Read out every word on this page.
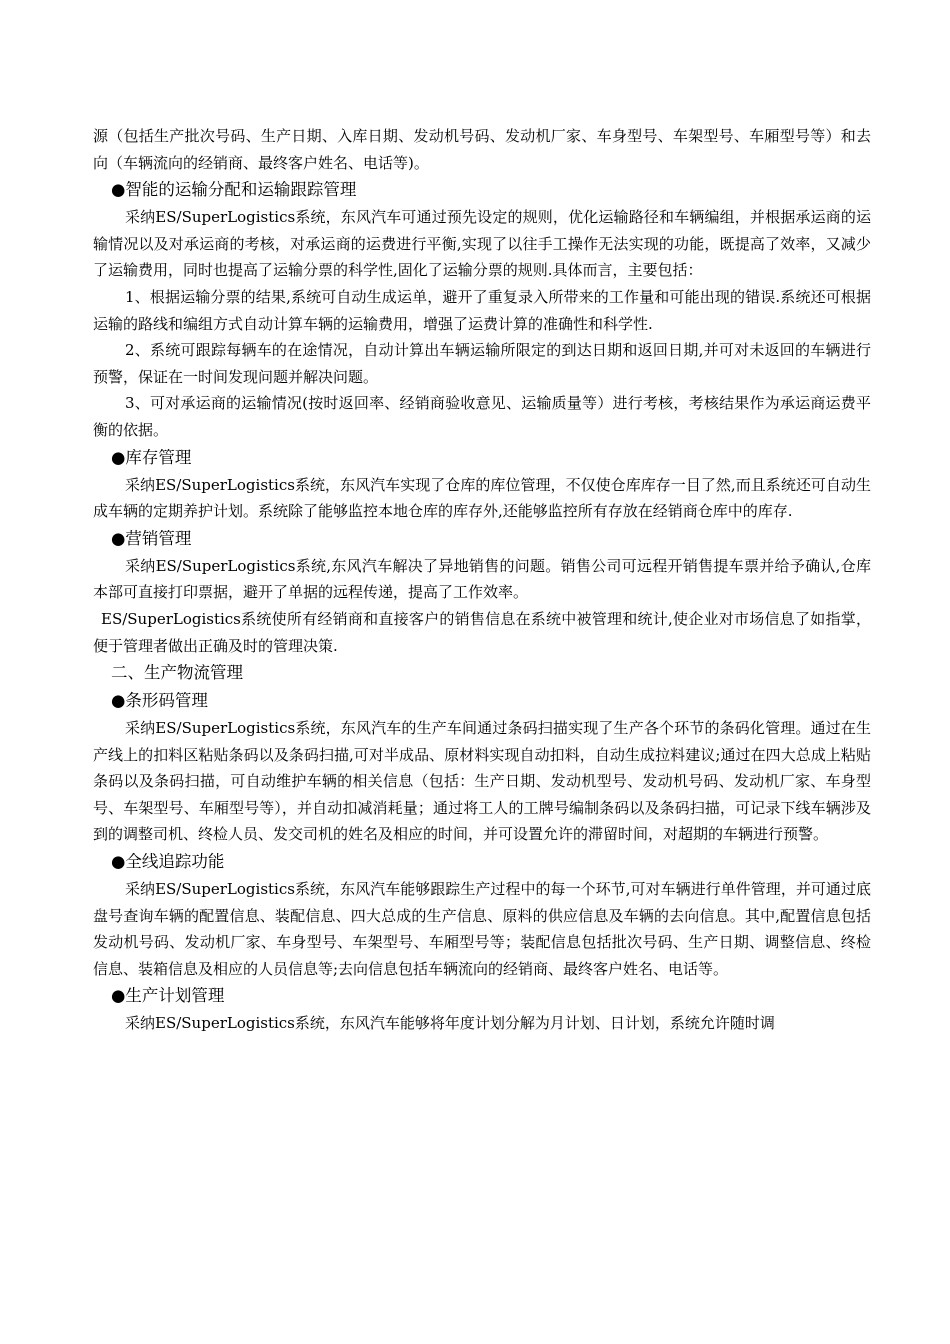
源（包括生产批次号码、生产日期、入库日期、发动机号码、发动机厂家、车身型号、车架型号、车厢型号等）和去向（车辆流向的经销商、最终客户姓名、电话等)。

●智能的运输分配和运输跟踪管理

采纳ES/SuperLogistics系统，东风汽车可通过预先设定的规则，优化运输路径和车辆编组，并根据承运商的运输情况以及对承运商的考核，对承运商的运费进行平衡,实现了以往手工操作无法实现的功能，既提高了效率，又减少了运输费用，同时也提高了运输分票的科学性,固化了运输分票的规则.具体而言，主要包括：

1、根据运输分票的结果,系统可自动生成运单，避开了重复录入所带来的工作量和可能出现的错误.系统还可根据运输的路线和编组方式自动计算车辆的运输费用，增强了运费计算的准确性和科学性.

2、系统可跟踪每辆车的在途情况，自动计算出车辆运输所限定的到达日期和返回日期,并可对未返回的车辆进行预警，保证在一时间发现问题并解决问题。

3、可对承运商的运输情况(按时返回率、经销商验收意见、运输质量等）进行考核，考核结果作为承运商运费平衡的依据。

●库存管理

采纳ES/SuperLogistics系统，东风汽车实现了仓库的库位管理，不仅使仓库库存一目了然,而且系统还可自动生成车辆的定期养护计划。系统除了能够监控本地仓库的库存外,还能够监控所有存放在经销商仓库中的库存.

●营销管理

采纳ES/SuperLogistics系统,东风汽车解决了异地销售的问题。销售公司可远程开销售提车票并给予确认,仓库本部可直接打印票据，避开了单据的远程传递，提高了工作效率。

ES/SuperLogistics系统使所有经销商和直接客户的销售信息在系统中被管理和统计,使企业对市场信息了如指掌，便于管理者做出正确及时的管理决策.

二、生产物流管理

●条形码管理

采纳ES/SuperLogistics系统，东风汽车的生产车间通过条码扫描实现了生产各个环节的条码化管理。通过在生产线上的扣料区粘贴条码以及条码扫描,可对半成品、原材料实现自动扣料，自动生成拉料建议;通过在四大总成上粘贴条码以及条码扫描，可自动维护车辆的相关信息（包括：生产日期、发动机型号、发动机号码、发动机厂家、车身型号、车架型号、车厢型号等），并自动扣减消耗量；通过将工人的工牌号编制条码以及条码扫描，可记录下线车辆涉及到的调整司机、终检人员、发交司机的姓名及相应的时间，并可设置允许的滞留时间，对超期的车辆进行预警。

●全线追踪功能

采纳ES/SuperLogistics系统，东风汽车能够跟踪生产过程中的每一个环节,可对车辆进行单件管理，并可通过底盘号查询车辆的配置信息、装配信息、四大总成的生产信息、原料的供应信息及车辆的去向信息。其中,配置信息包括发动机号码、发动机厂家、车身型号、车架型号、车厢型号等；装配信息包括批次号码、生产日期、调整信息、终检信息、装箱信息及相应的人员信息等;去向信息包括车辆流向的经销商、最终客户姓名、电话等。

●生产计划管理

采纳ES/SuperLogistics系统，东风汽车能够将年度计划分解为月计划、日计划，系统允许随时调
